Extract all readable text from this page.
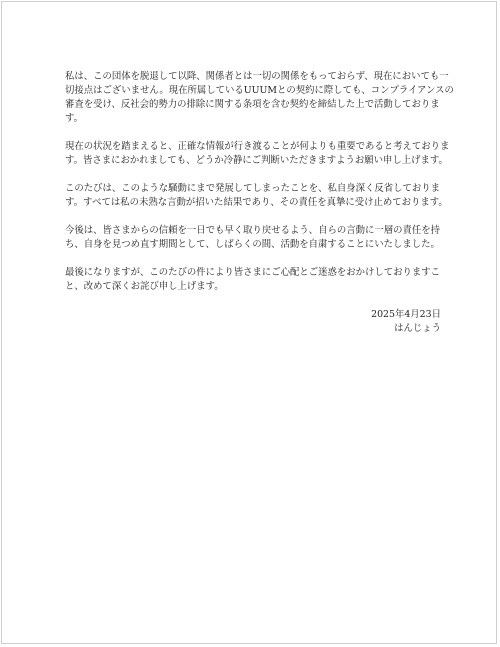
私は、この団体を脱退して以降、関係者とは一切の関係をもっておらず、現在においても一
切接点はございません。現在所属しているUUUMとの契約に際しても、コンプライアンスの
審査を受け、反社会的勢力の排除に関する条項を含む契約を締結した上で活動しておりま
す。
現在の状況を踏まえると、正確な情報が行き渡ることが何よりも重要であると考えておりま
す。皆さまにおかれましても、どうか冷静にご判断いただきますようお願い申し上げます。
このたびは、このような騒動にまで発展してしまったことを、私自身深く反省しておりま
す。すべては私の未熟な言動が招いた結果であり、その責任を真摯に受け止めております。
今後は、皆さまからの信頼を一日でも早く取り戻せるよう、自らの言動に一層の責任を持
ち、自身を見つめ直す期間として、しばらくの間、活動を自粛することにいたしました。
最後になりますが、このたびの件により皆さまにご心配とご迷惑をおかけしておりますこ
と、改めて深くお詫び申し上げます。
2025年4月23日
はんじょう
